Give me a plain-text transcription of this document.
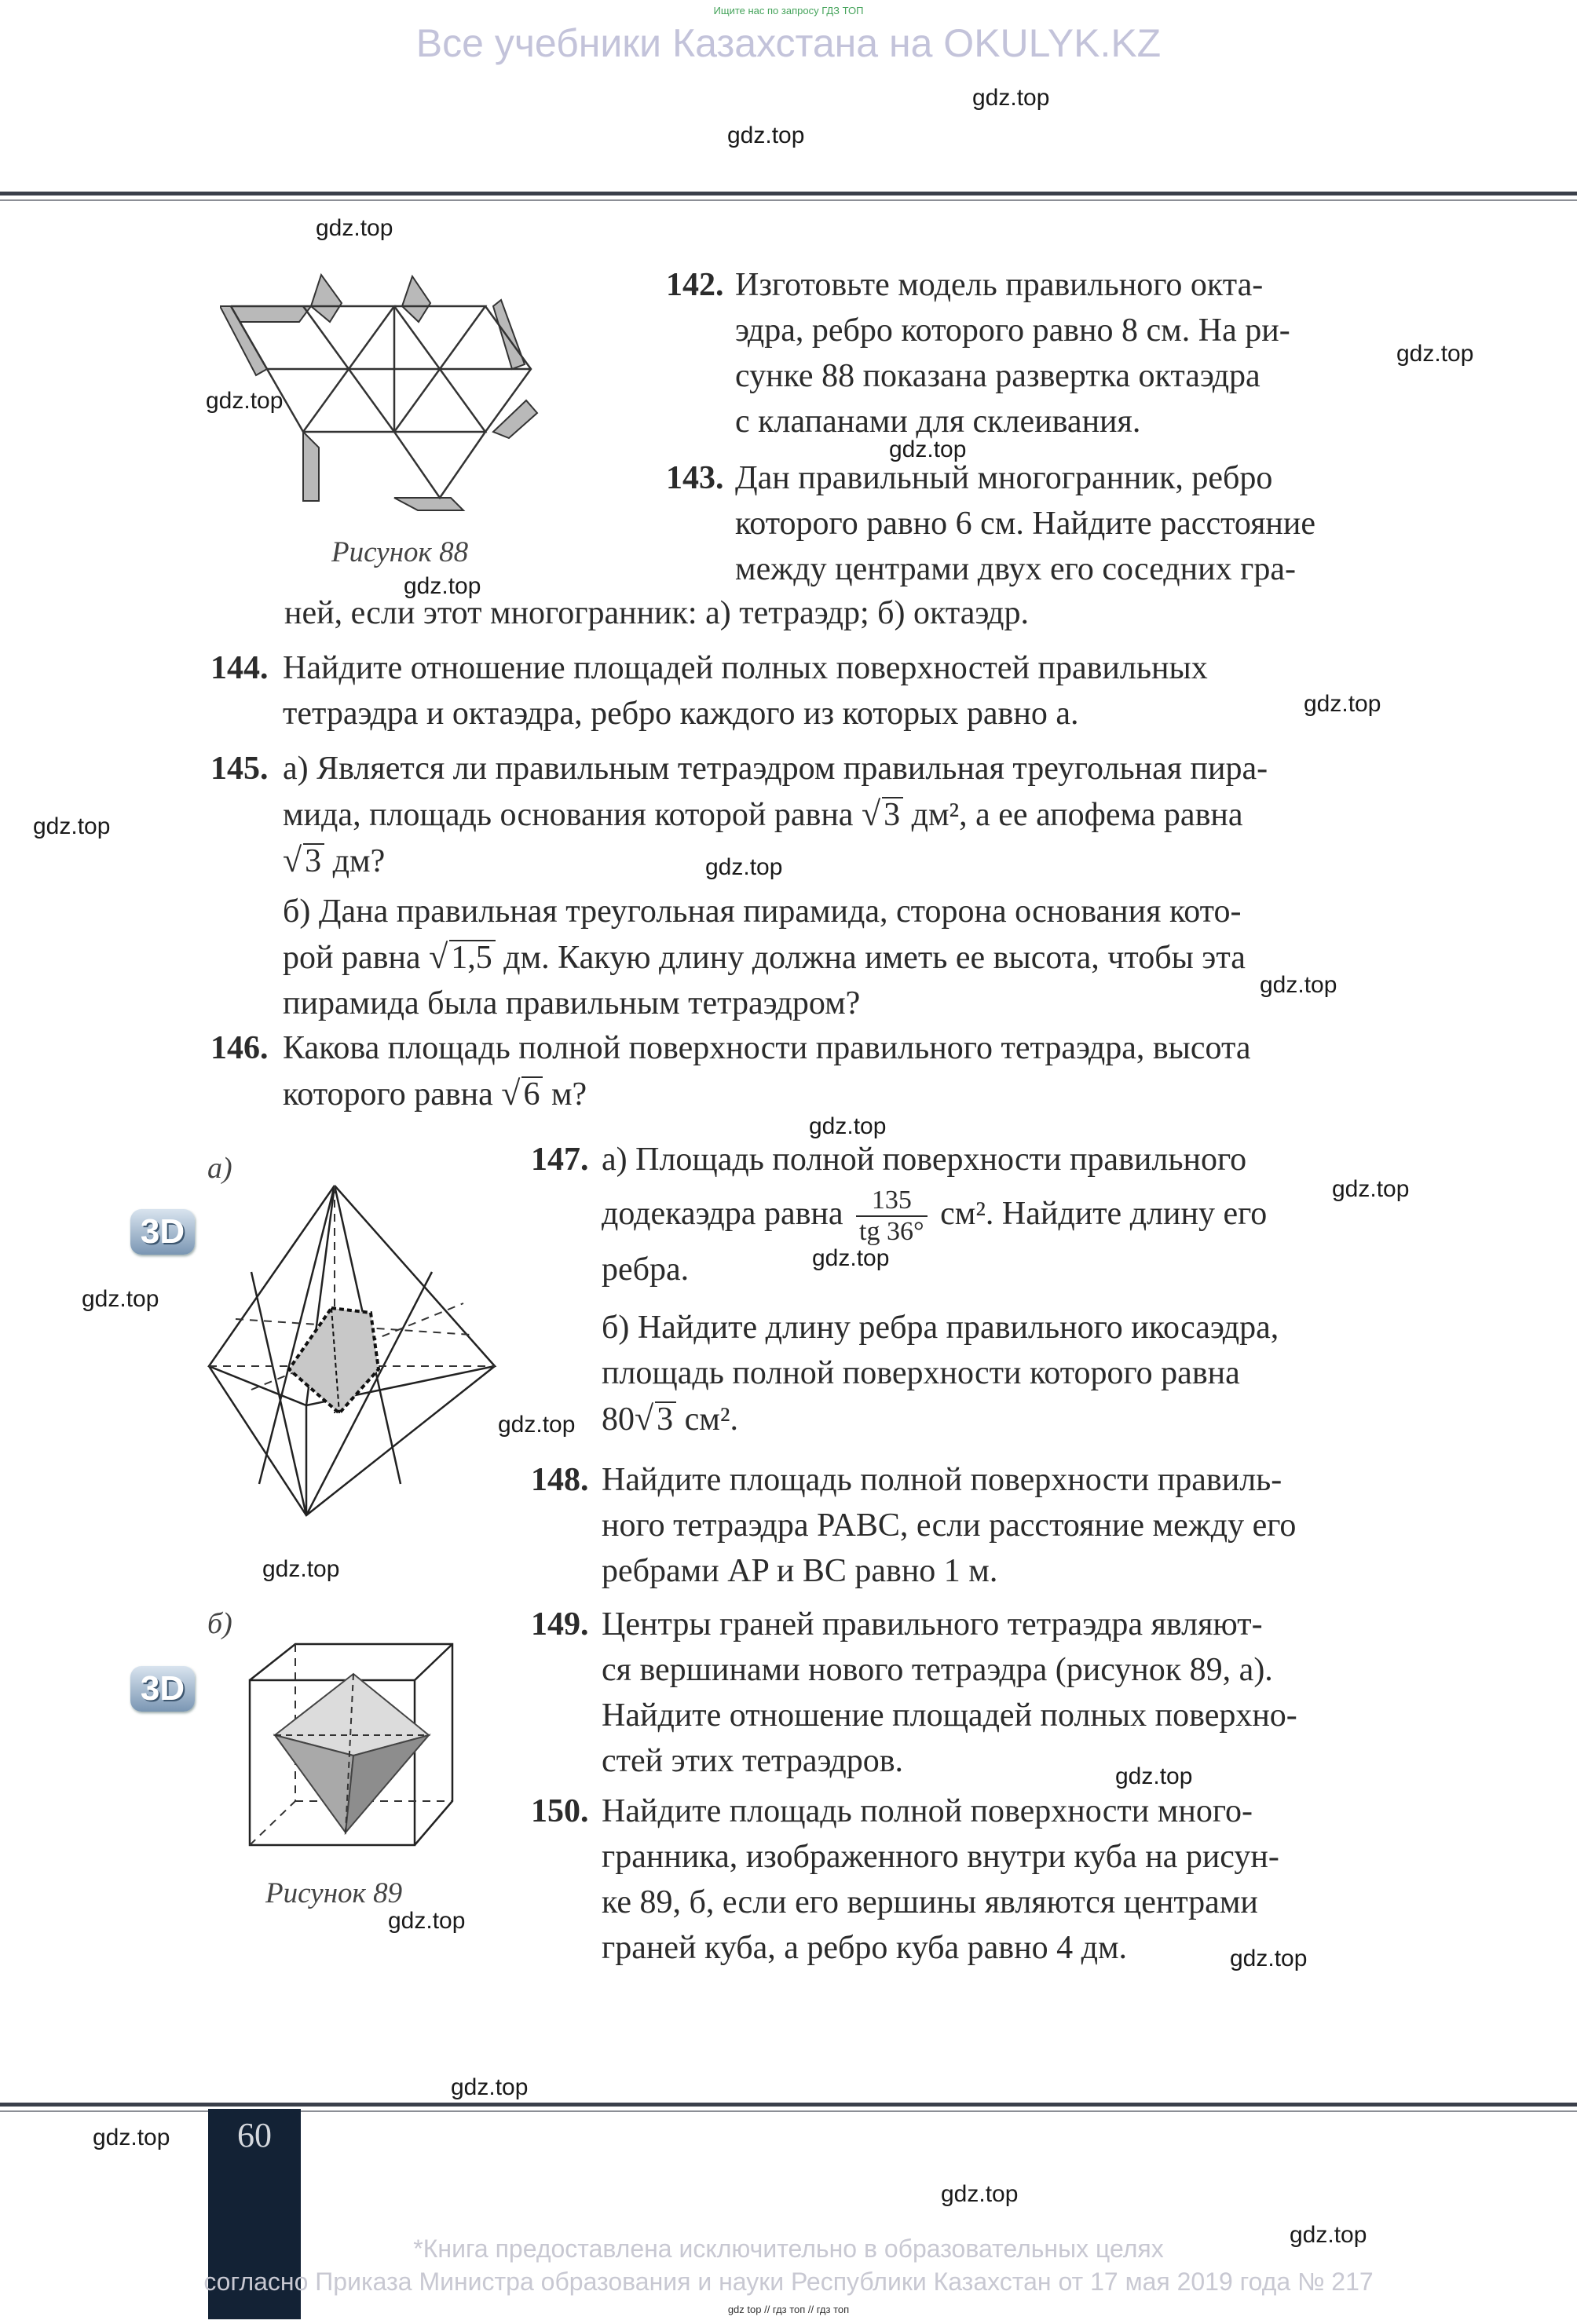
Ищите нас по запросу ГДЗ ТОП
Все учебники Казахстана на OKULYK.KZ
Рисунок 88
142. Изготовьте модель правильного окта-
эдра, ребро которого равно 8 см. На ри-
сунке 88 показана развертка октаэдра
с клапанами для склеивания.
143. Дан правильный многогранник, ребро
которого равно 6 см. Найдите расстояние
между центрами двух его соседних гра-
ней, если этот многогранник: а) тетраэдр; б) октаэдр.
144. Найдите отношение площадей полных поверхностей правильных
тетраэдра и октаэдра, ребро каждого из которых равно a.
145. а) Является ли правильным тетраэдром правильная треугольная пира-
мида, площадь основания которой равна √3 дм², а ее апофема равна
√3 дм?
б) Дана правильная треугольная пирамида, сторона основания кото-
рой равна √1,5 дм. Какую длину должна иметь ее высота, чтобы эта
пирамида была правильным тетраэдром?
146. Какова площадь полной поверхности правильного тетраэдра, высота
которого равна √6 м?
а)
3D
147. а) Площадь полной поверхности правильного
додекаэдра равна $\frac{135}{tg 36^\circ} см^2$. Найдите длину его
ребра.
б) Найдите длину ребра правильного икосаэдра,
площадь полной поверхности которого равна
80√3 см².
148. Найдите площадь полной поверхности правиль-
ного тетраэдра PABC, если расстояние между его
ребрами AP и BC равно 1 м.
б)
3D
Рисунок 89
149. Центры граней правильного тетраэдра являют-
ся вершинами нового тетраэдра (рисунок 89, а).
Найдите отношение площадей полных поверхно-
стей этих тетраэдров.
150. Найдите площадь полной поверхности много-
гранника, изображенного внутри куба на рисун-
ке 89, б, если его вершины являются центрами
граней куба, а ребро куба равно 4 дм.
60
*Книга предоставлена исключительно в образовательных целях
согласно Приказа Министра образования и науки Республики Казахстан от 17 мая 2019 года № 217
gdz top // гдз топ // гдз топ
gdz.top
gdz.top
gdz.top
gdz.top
gdz.top
gdz.top
gdz.top
gdz.top
gdz.top
gdz.top
gdz.top
gdz.top
gdz.top
gdz.top
gdz.top
gdz.top
gdz.top
gdz.top
gdz.top
gdz.top
gdz.top
gdz.top
gdz.top
gdz.top
